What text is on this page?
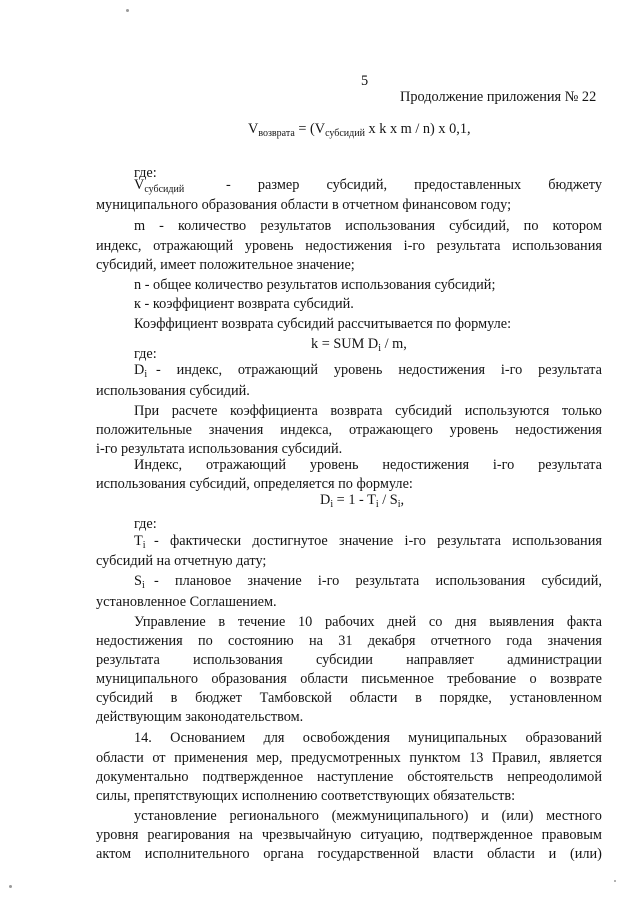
5
Продолжение приложения № 22
$V_{возврата} = (V_{субсидий}$ x k x m / n) x 0,1,
где:
$V_{субсидий}$	- размер субсидий, предоставленных бюджету
муниципального образования области в отчетном финансовом году;
m - количество результатов использования субсидий, по котором
индекс, отражающий уровень недостижения i-го результата использования
субсидий, имеет положительное значение;
n - общее количество результатов использования субсидий;
к - коэффициент возврата субсидий.
Коэффициент возврата субсидий рассчитывается по формуле:
k = SUM $D_i$ / m,
где:
$D_i$ - индекс, отражающий уровень недостижения i-го результата
использования субсидий.
При расчете коэффициента возврата субсидий используются только
положительные значения индекса, отражающего уровень недостижения
i-го результата использования субсидий.
Индекс, отражающий уровень недостижения i-го результата
использования субсидий, определяется по формуле:
$D_i = 1 - T_i / S_i$,
где:
$T_i$ - фактически достигнутое значение i-го результата использования
субсидий на отчетную дату;
$S_i$ - плановое значение i-го результата использования субсидий,
установленное Соглашением.
Управление в течение 10 рабочих дней со дня выявления факта
недостижения по состоянию на 31 декабря отчетного года значения
результата использования субсидии направляет администрации
муниципального образования области письменное требование о возврате
субсидий в бюджет Тамбовской области в порядке, установленном
действующим законодательством.
14. Основанием для освобождения муниципальных образований
области от применения мер, предусмотренных пунктом 13 Правил, является
документально подтвержденное наступление обстоятельств непреодолимой
силы, препятствующих исполнению соответствующих обязательств:
установление регионального (межмуниципального) и (или) местного
уровня реагирования на чрезвычайную ситуацию, подтвержденное правовым
актом исполнительного органа государственной власти области и (или)
